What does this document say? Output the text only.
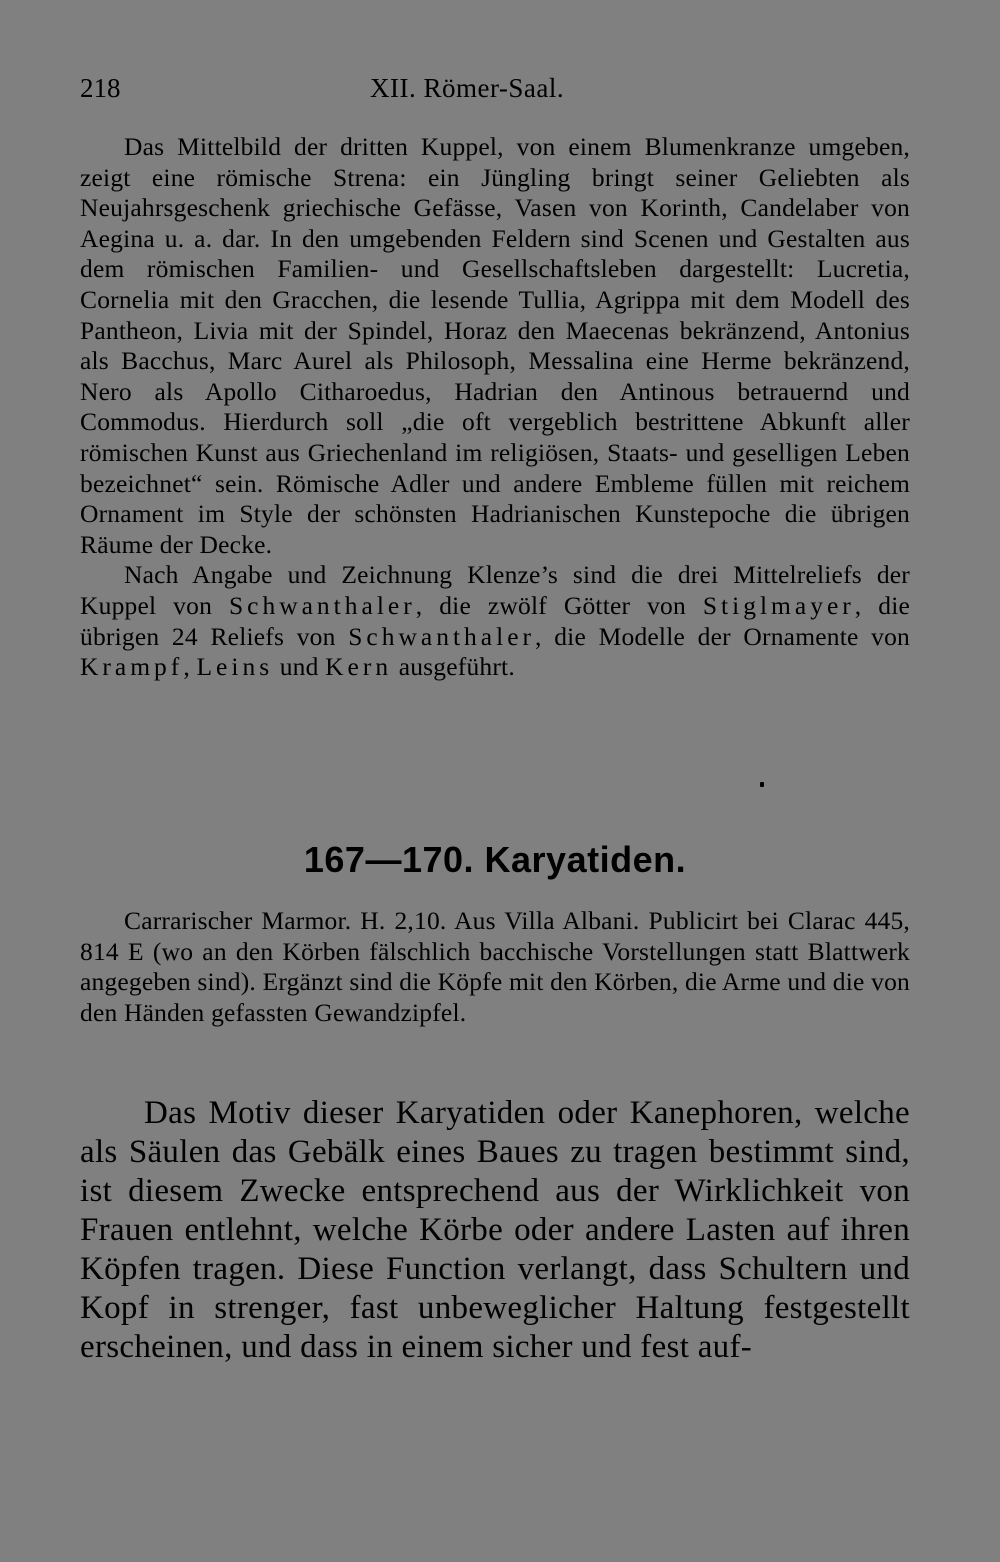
218	XII. Römer-Saal.

Das Mittelbild der dritten Kuppel, von einem Blumenkranze umgeben, zeigt eine römische Strena: ein Jüngling bringt seiner Geliebten als Neujahrsgeschenk griechische Gefässe, Vasen von Korinth, Candelaber von Aegina u. a. dar. In den umgebenden Feldern sind Scenen und Gestalten aus dem römischen Familien- und Gesellschaftsleben dargestellt: Lucretia, Cornelia mit den Gracchen, die lesende Tullia, Agrippa mit dem Modell des Pantheon, Livia mit der Spindel, Horaz den Maecenas bekränzend, Antonius als Bacchus, Marc Aurel als Philosoph, Messalina eine Herme bekränzend, Nero als Apollo Citharoedus, Hadrian den Antinous betrauernd und Commodus. Hierdurch soll „die oft vergeblich bestrittene Abkunft aller römischen Kunst aus Griechenland im religiösen, Staats- und geselligen Leben bezeichnet“ sein. Römische Adler und andere Embleme füllen mit reichem Ornament im Style der schönsten Hadrianischen Kunstepoche die übrigen Räume der Decke.

Nach Angabe und Zeichnung Klenze’s sind die drei Mittelreliefs der Kuppel von Schwanthaler, die zwölf Götter von Stiglmayer, die übrigen 24 Reliefs von Schwanthaler, die Modelle der Ornamente von Krampf, Leins und Kern ausgeführt.

167—170. Karyatiden.

Carrarischer Marmor. H. 2,10. Aus Villa Albani. Publicirt bei Clarac 445, 814 E (wo an den Körben fälschlich bacchische Vorstellungen statt Blattwerk angegeben sind). Ergänzt sind die Köpfe mit den Körben, die Arme und die von den Händen gefassten Gewandzipfel.

Das Motiv dieser Karyatiden oder Kanephoren, welche als Säulen das Gebälk eines Baues zu tragen bestimmt sind, ist diesem Zwecke entsprechend aus der Wirklichkeit von Frauen entlehnt, welche Körbe oder andere Lasten auf ihren Köpfen tragen. Diese Function verlangt, dass Schultern und Kopf in strenger, fast unbeweglicher Haltung festgestellt erscheinen, und dass in einem sicher und fest auf-
